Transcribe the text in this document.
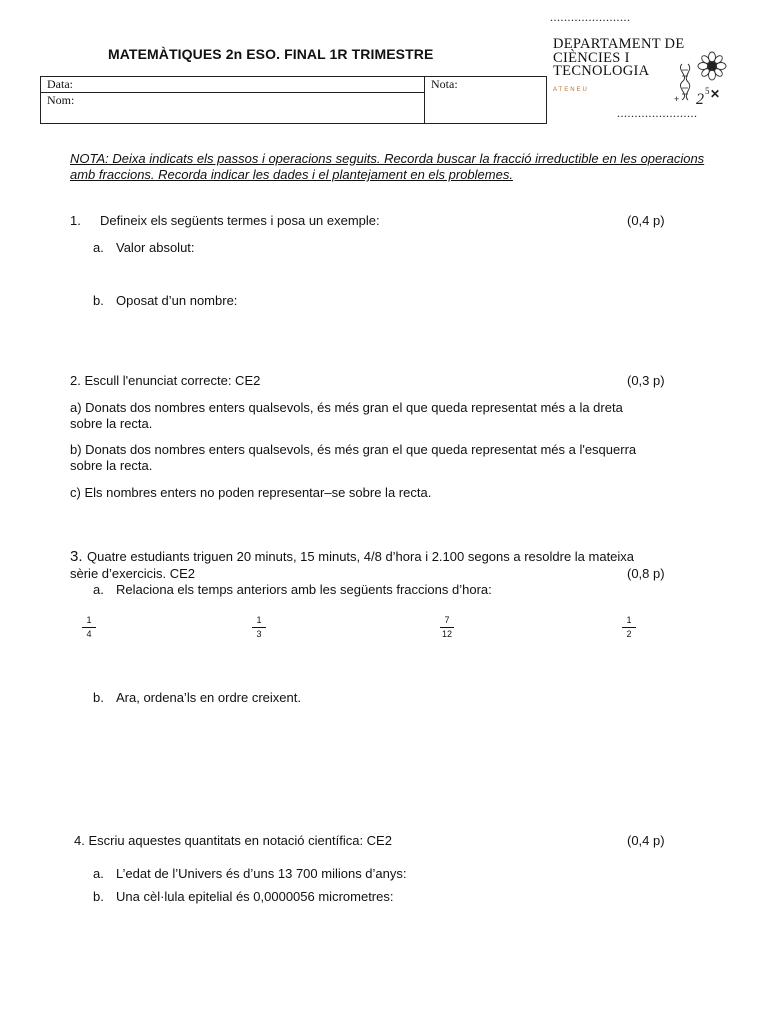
MATEMÀTIQUES 2n ESO. FINAL 1R TRIMESTRE
Data:
Nom:
Nota:
.......................
DEPARTAMENT DE
CIÈNCIES I
TECNOLOGIA
ATENEU
.......................
2 5 ✕
+
NOTA: Deixa indicats els passos i operacions seguits. Recorda buscar la fracció irreductible en les operacions amb fraccions. Recorda indicar les dades i el plantejament en els problemes.
1. Defineix els següents termes i posa un exemple:	(0,4 p)
a. Valor absolut:
b. Oposat d’un nombre:
2. Escull l'enunciat correcte: CE2	(0,3 p)
a) Donats dos nombres enters qualsevols, és més gran el que queda representat més a la dreta
sobre la recta.
b) Donats dos nombres enters qualsevols, és més gran el que queda representat més a l'esquerra
sobre la recta.
c) Els nombres enters no poden representar–se sobre la recta.
3. Quatre estudiants triguen 20 minuts, 15 minuts, 4/8 d’hora i 2.100 segons a resoldre la mateixa
sèrie d’exercicis. CE2	(0,8 p)
a. Relaciona els temps anteriors amb les següents fraccions d’hora:
$\frac{1}{4}$	$\frac{1}{3}$	$\frac{7}{12}$	$\frac{1}{2}$
b. Ara, ordena’ls en ordre creixent.
4. Escriu aquestes quantitats en notació científica: CE2	(0,4 p)
a. L’edat de l’Univers és d’uns 13 700 milions d’anys:
b. Una cèl·lula epitelial és 0,0000056 micrometres:
